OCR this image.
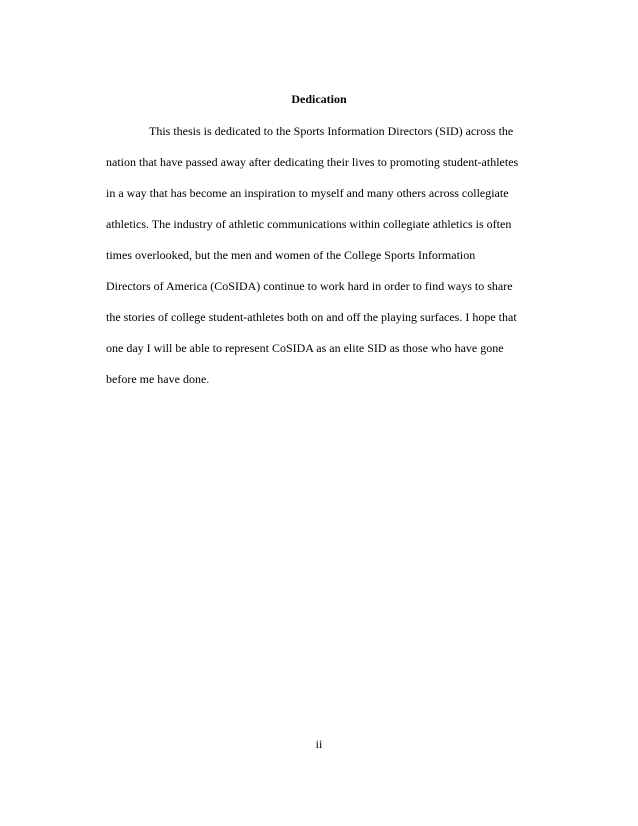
Dedication
This thesis is dedicated to the Sports Information Directors (SID) across the
nation that have passed away after dedicating their lives to promoting student-athletes
in a way that has become an inspiration to myself and many others across collegiate
athletics. The industry of athletic communications within collegiate athletics is often
times overlooked, but the men and women of the College Sports Information
Directors of America (CoSIDA) continue to work hard in order to find ways to share
the stories of college student-athletes both on and off the playing surfaces. I hope that
one day I will be able to represent CoSIDA as an elite SID as those who have gone
before me have done.
ii
